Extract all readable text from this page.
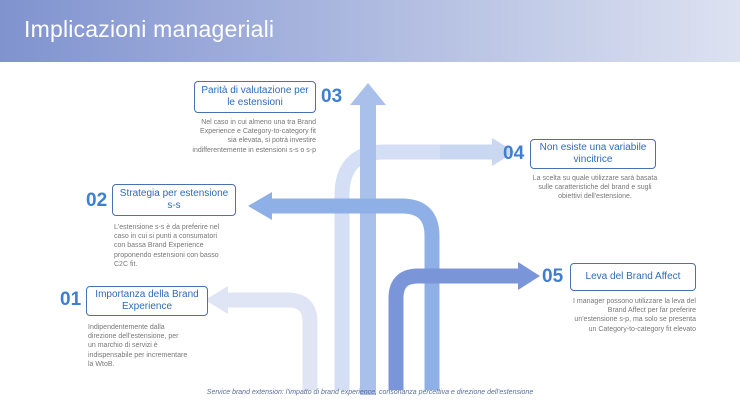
Implicazioni manageriali
01	Importanza della Brand Experience
Indipendentemente dalla direzione dell'estensione, per un marchio di servizi è indispensabile per incrementare la WtoB.
02	Strategia per estensione s-s
L'estensione s-s è da preferire nel caso in cui si punti a consumatori con bassa Brand Experience proponendo estensioni con basso C2C fit.
Parità di valutazione per le estensioni	03
Nel caso in cui almeno una tra Brand Experience e Category-to-category fit sia elevata, si potrà investire indifferentemente in estensioni s-s o s-p	04	Non esiste una variabile vincitrice
La scelta su quale utilizzare sarà basata sulle caratteristiche del brand e sugli obiettivi dell'estensione.
05	Leva del Brand Affect
I manager possono utilizzare la leva del Brand Affect per far preferire un'estensione s-p, ma solo se presenta un Category-to-category fit elevato
Service brand extension: l'impatto di brand experience, consonanza percettiva e direzione dell'estensione
